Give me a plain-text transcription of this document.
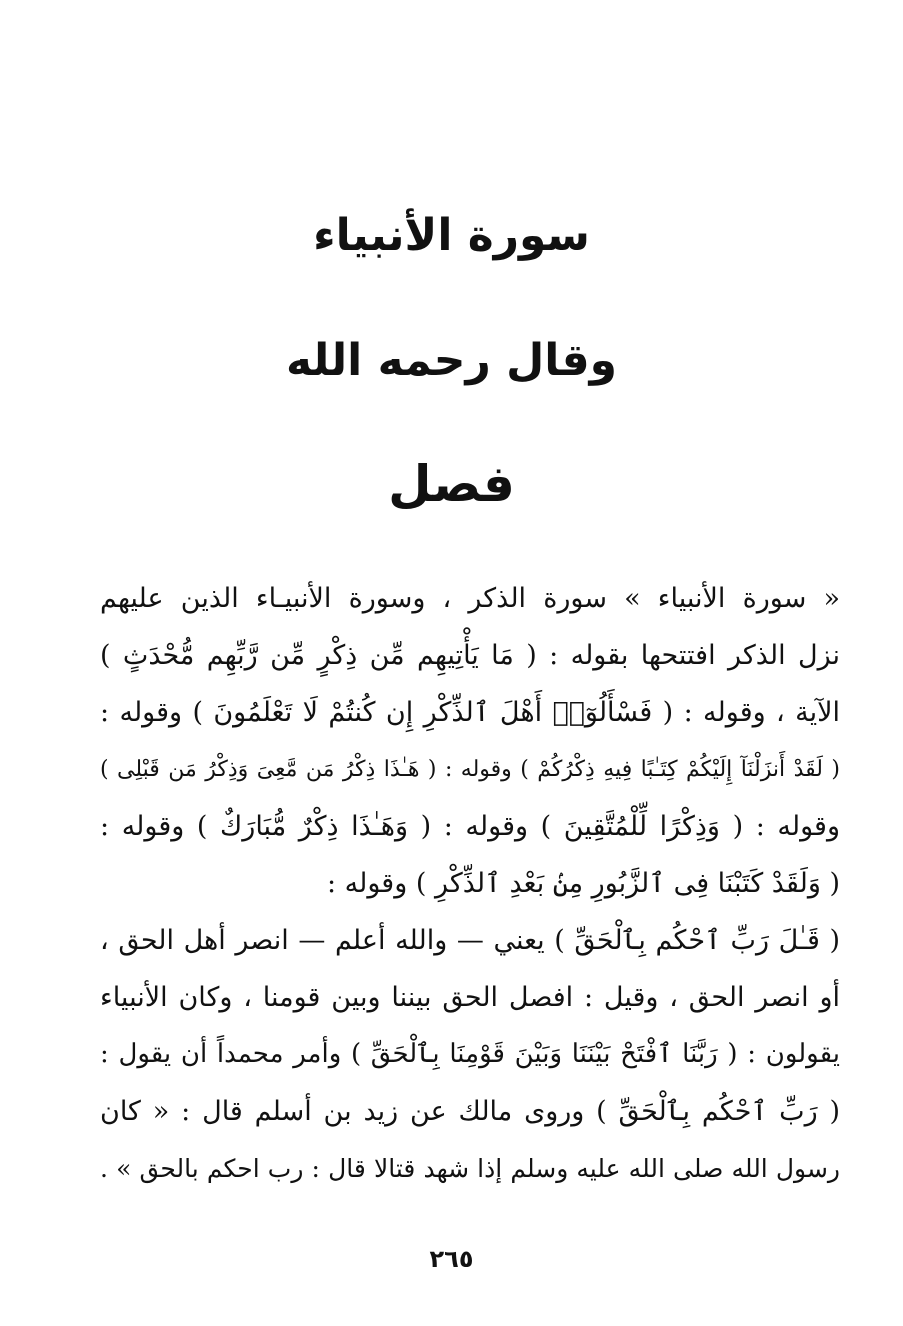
سورة الأنبياء
وقال رحمه الله
فصل

« سورة الأنبياء » سورة الذكر ، وسورة الأنبيـاء الذين عليهم

نزل الذكر افتتحها بقوله : ( مَا يَأْتِيهِم مِّن ذِكْرٍ مِّن رَّبِّهِم مُّحْدَثٍ )

الآية ، وقوله : ( فَسْأَلُوٓا۟ أَهْلَ ٱلذِّكْرِ إِن كُنتُمْ لَا تَعْلَمُونَ ) وقوله :

( لَقَدْ أَنزَلْنَآ إِلَيْكُمْ كِتَـٰبًا فِيهِ ذِكْرُكُمْ ) وقوله : ( هَـٰذَا ذِكْرُ مَن مَّعِىَ وَذِكْرُ مَن قَبْلِى )

وقوله : ( وَذِكْرًا لِّلْمُتَّقِينَ ) وقوله : ( وَهَـٰذَا ذِكْرٌ مُّبَارَكٌ ) وقوله :

( وَلَقَدْ كَتَبْنَا فِى ٱلزَّبُورِ مِنۢ بَعْدِ ٱلذِّكْرِ ) وقوله :

( قَـٰلَ رَبِّ ٱحْكُم بِٱلْحَقِّ ) يعني — والله أعلم — انصر أهل الحق ،

أو انصر الحق ، وقيل : افصل الحق بيننا وبين قومنا ، وكان الأنبياء

يقولون : ( رَبَّنَا ٱفْتَحْ بَيْنَنَا وَبَيْنَ قَوْمِنَا بِٱلْحَقِّ ) وأمر محمداً أن يقول :

( رَبِّ ٱحْكُم بِٱلْحَقِّ ) وروى مالك عن زيد بن أسلم قال : « كان

رسول الله صلى الله عليه وسلم إذا شهد قتالا قال : رب احكم بالحق » .

٢٦٥
